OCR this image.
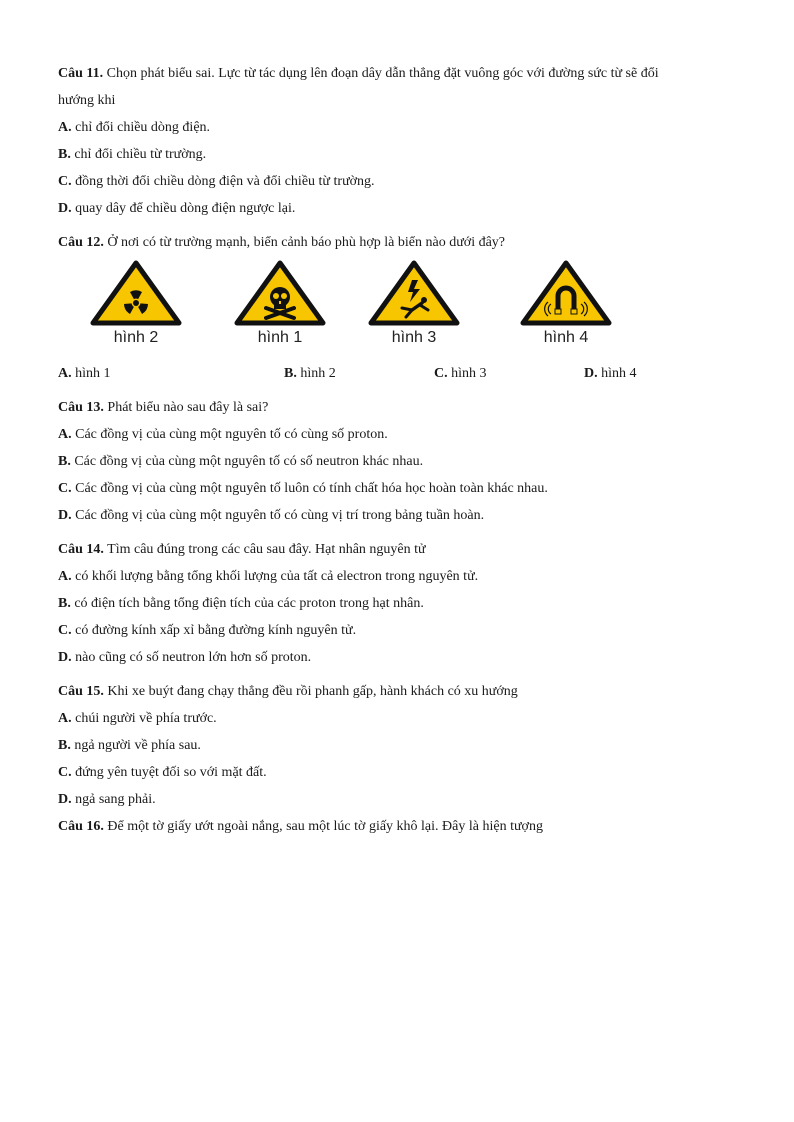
Câu 11. Chọn phát biểu sai. Lực từ tác dụng lên đoạn dây dẫn thẳng đặt vuông góc với đường sức từ sẽ đổi

hướng khi

A. chỉ đổi chiều dòng điện.

B. chỉ đổi chiều từ trường.

C. đồng thời đổi chiều dòng điện và đổi chiều từ trường.

D. quay dây để chiều dòng điện ngược lại.

Câu 12. Ở nơi có từ trường mạnh, biển cảnh báo phù hợp là biển nào dưới đây?

hình 2	hình 1	hình 3	hình 4

A. hình 1	B. hình 2	C. hình 3	D. hình 4

Câu 13. Phát biểu nào sau đây là sai?

A. Các đồng vị của cùng một nguyên tố có cùng số proton.

B. Các đồng vị của cùng một nguyên tố có số neutron khác nhau.

C. Các đồng vị của cùng một nguyên tố luôn có tính chất hóa học hoàn toàn khác nhau.

D. Các đồng vị của cùng một nguyên tố có cùng vị trí trong bảng tuần hoàn.

Câu 14. Tìm câu đúng trong các câu sau đây. Hạt nhân nguyên tử

A. có khối lượng bằng tổng khối lượng của tất cả electron trong nguyên tử.

B. có điện tích bằng tổng điện tích của các proton trong hạt nhân.

C. có đường kính xấp xỉ bằng đường kính nguyên tử.

D. nào cũng có số neutron lớn hơn số proton.

Câu 15. Khi xe buýt đang chạy thẳng đều rồi phanh gấp, hành khách có xu hướng

A. chúi người về phía trước.

B. ngả người về phía sau.

C. đứng yên tuyệt đối so với mặt đất.

D. ngả sang phải.

Câu 16. Để một tờ giấy ướt ngoài nắng, sau một lúc tờ giấy khô lại. Đây là hiện tượng
